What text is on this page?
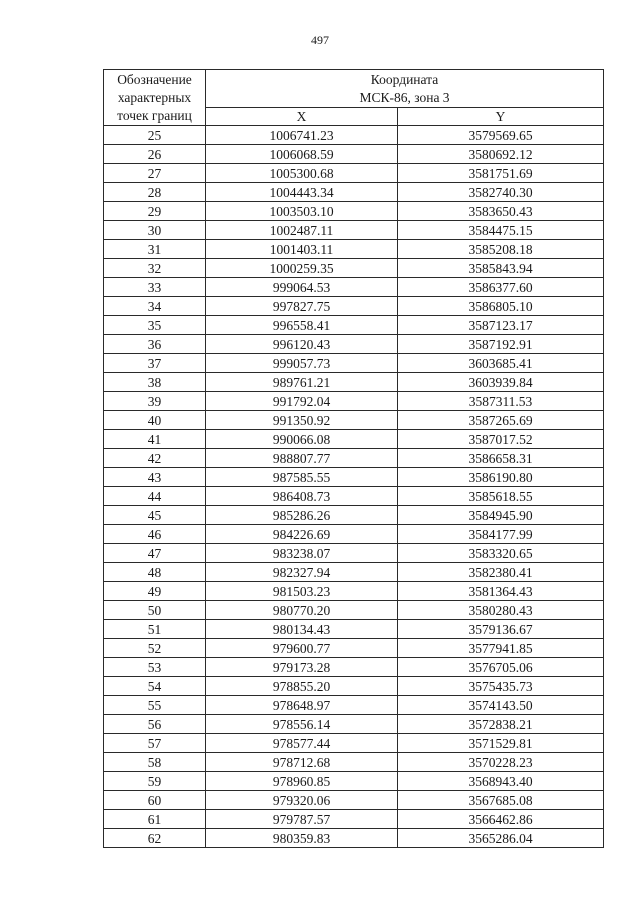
497
Обозначение характерных точек границ	Координата
МСК-86, зона 3	
	X	Y
25	1006741.23	3579569.65
26	1006068.59	3580692.12
27	1005300.68	3581751.69
28	1004443.34	3582740.30
29	1003503.10	3583650.43
30	1002487.11	3584475.15
31	1001403.11	3585208.18
32	1000259.35	3585843.94
33	999064.53	3586377.60
34	997827.75	3586805.10
35	996558.41	3587123.17
36	996120.43	3587192.91
37	999057.73	3603685.41
38	989761.21	3603939.84
39	991792.04	3587311.53
40	991350.92	3587265.69
41	990066.08	3587017.52
42	988807.77	3586658.31
43	987585.55	3586190.80
44	986408.73	3585618.55
45	985286.26	3584945.90
46	984226.69	3584177.99
47	983238.07	3583320.65
48	982327.94	3582380.41
49	981503.23	3581364.43
50	980770.20	3580280.43
51	980134.43	3579136.67
52	979600.77	3577941.85
53	979173.28	3576705.06
54	978855.20	3575435.73
55	978648.97	3574143.50
56	978556.14	3572838.21
57	978577.44	3571529.81
58	978712.68	3570228.23
59	978960.85	3568943.40
60	979320.06	3567685.08
61	979787.57	3566462.86
62	980359.83	3565286.04
